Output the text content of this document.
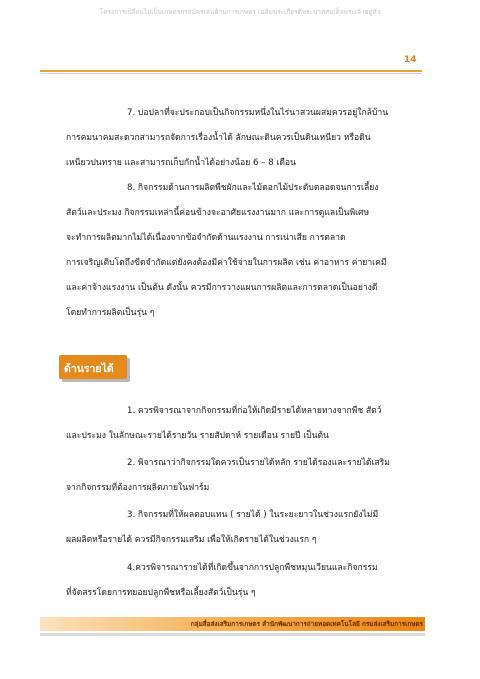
โครงการเปลี่ยนไปเป็นเกษตรกรสมัครเล่นด้านการเกษตร เฉลิมพระเกียรติพระบาทสมเด็จพระเจ้าอยู่หัว
14

7. บ่อปลาที่จะประกอบเป็นกิจกรรมหนึ่งในไร่นาสวนผสมควรอยู่ใกล้บ้าน
การคมนาคมสะดวกสามารถจัดการเรื่องน้ำได้ ลักษณะดินควรเป็นดินเหนียว หรือดิน
เหนียวปนทราย และสามารถเก็บกักน้ำได้อย่างน้อย 6 – 8 เดือน

8. กิจกรรมด้านการผลิตพืชผักและไม้ดอกไม้ประดับตลอดจนการเลี้ยง
สัตว์และประมง กิจกรรมเหล่านี้ค่อนข้างจะอาศัยแรงงานมาก และการดูแลเป็นพิเศษ
จะทำการผลิตมากไม่ได้เนื่องจากข้อจำกัดด้านแรงงาน การเน่าเสีย การตลาด
การเจริญเติบโตถึงขีดจำกัดแต่ยังคงต้องมีค่าใช้จ่ายในการผลิต เช่น ค่าอาหาร ค่ายาเคมี
และค่าจ้างแรงงาน เป็นต้น ดังนั้น ควรมีการวางแผนการผลิตและการตลาดเป็นอย่างดี
โดยทำการผลิตเป็นรุ่น ๆ

ด้านรายได้

1. ควรพิจารณาจากกิจกรรมที่ก่อให้เกิดมีรายได้หลายทางจากพืช สัตว์
และประมง ในลักษณะรายได้รายวัน รายสัปดาห์ รายเดือน รายปี เป็นต้น

2. พิจารณาว่ากิจกรรมใดควรเป็นรายได้หลัก รายได้รองและรายได้เสริม
จากกิจกรรมที่ต้องการผลิตภายในฟาร์ม

3. กิจกรรมที่ให้ผลตอบแทน ( รายได้ ) ในระยะยาวในช่วงแรกยังไม่มี
ผลผลิตหรือรายได้ ควรมีกิจกรรมเสริม เพื่อให้เกิดรายได้ในช่วงแรก ๆ

4.ควรพิจารณารายได้ที่เกิดขึ้นจากการปลูกพืชหมุนเวียนและกิจกรรม
ที่จัดสรรโดยการทยอยปลูกพืชหรือเลี้ยงสัตว์เป็นรุ่น ๆ

กลุ่มสื่อส่งเสริมการเกษตร สำนักพัฒนาการถ่ายทอดเทคโนโลยี กรมส่งเสริมการเกษตร
